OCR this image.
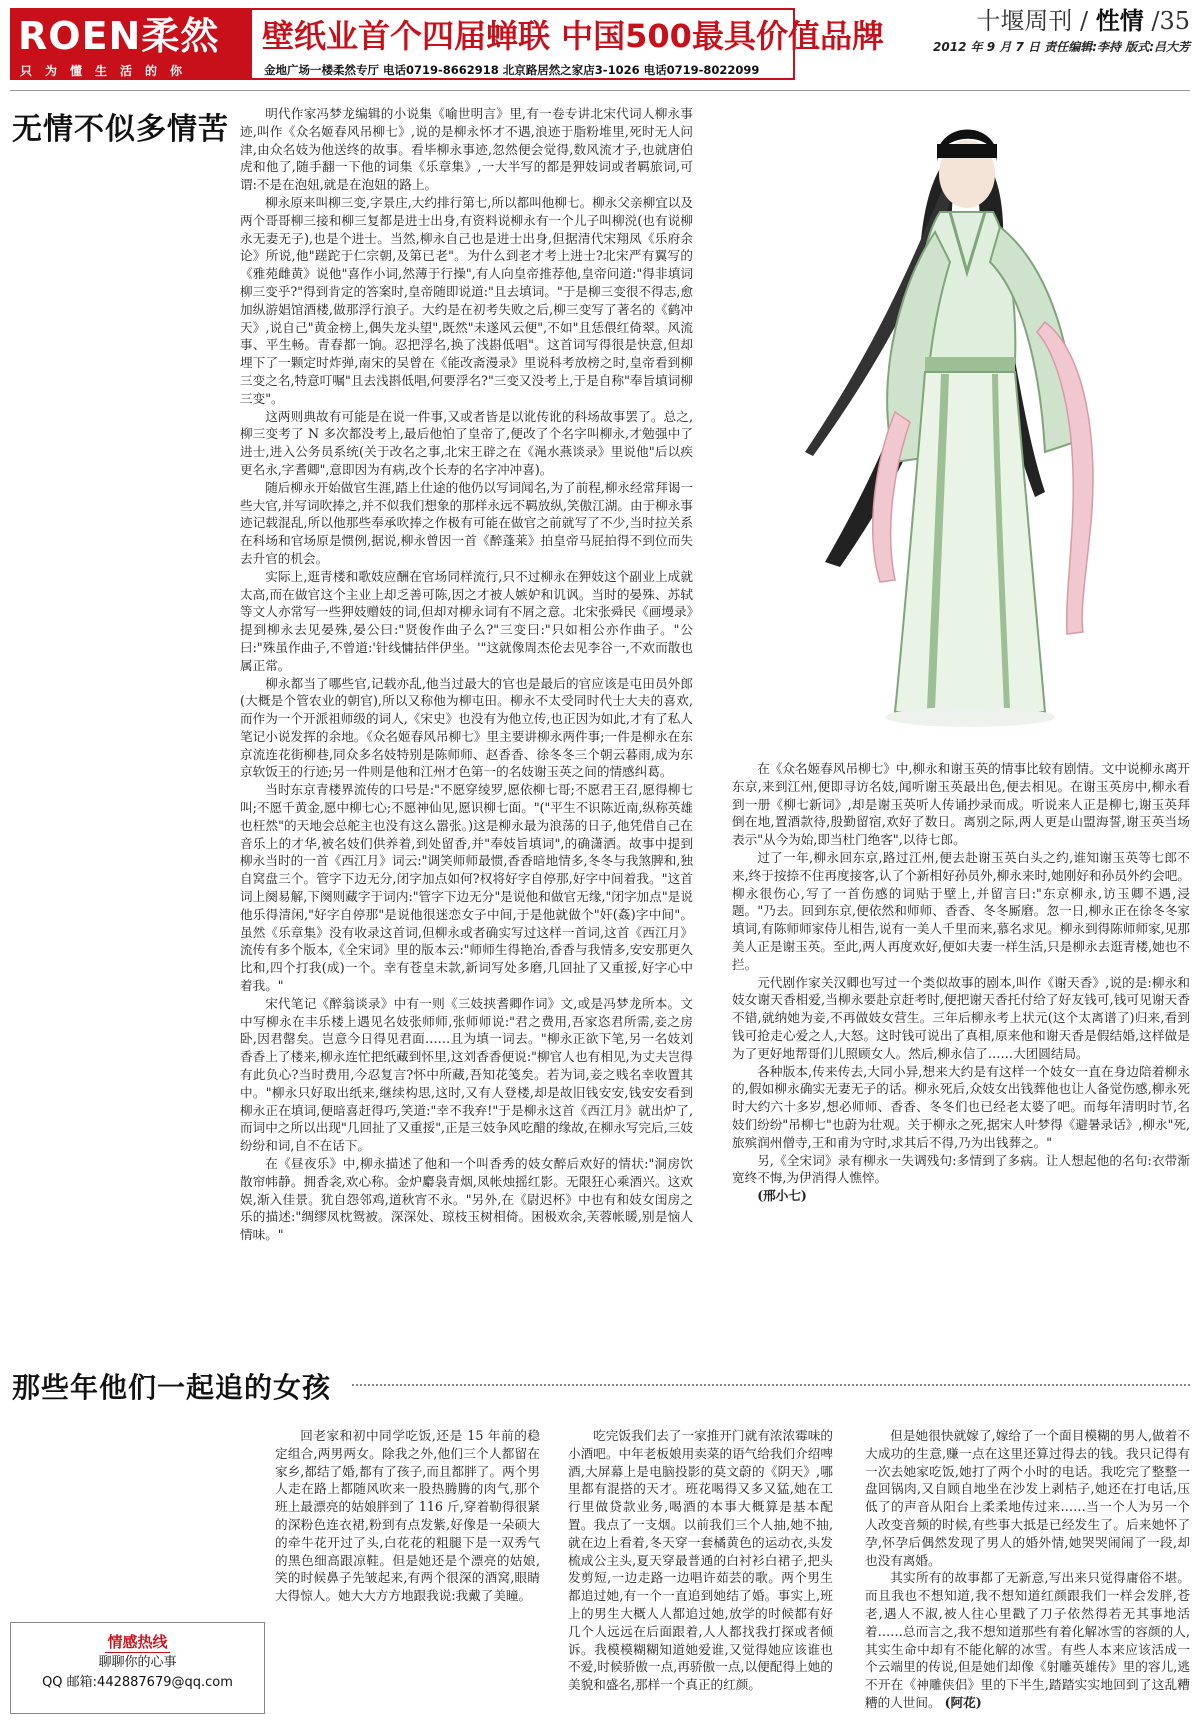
ROEN柔然
只为懂生活的你
壁纸业首个四届蝉联 中国500最具价值品牌
金地广场一楼柔然专厅 电话0719-8662918 北京路居然之家店3-1026 电话0719-8022099
十堰周刊 / 性情 /35
2012 年 9 月 7 日 责任编辑:李持 版式:吕大芳
无情不似多情苦	明代作家冯梦龙编辑的小说集《喻世明言》里,有一卷专讲北宋代词人柳永事迹,叫作《众名姬春风吊柳七》,说的是柳永怀才不遇,浪迹于脂粉堆里,死时无人问津,由众名妓为他送终的故事。看毕柳永事迹,忽然便会觉得,数风流才子,也就唐伯虎和他了,随手翻一下他的词集《乐章集》,一大半写的都是狎妓词或者羁旅词,可谓:不是在泡妞,就是在泡妞的路上。

柳永原来叫柳三变,字景庄,大约排行第七,所以都叫他柳七。柳永父亲柳宜以及两个哥哥柳三接和柳三复都是进士出身,有资料说柳永有一个儿子叫柳涚(也有说柳永无妻无子),也是个进士。当然,柳永自己也是进士出身,但据清代宋翔凤《乐府余论》所说,他"蹉跎于仁宗朝,及第已老"。为什么到老才考上进士?北宋严有翼写的《雅苑雌黄》说他"喜作小词,然薄于行操",有人向皇帝推荐他,皇帝问道:"得非填词柳三变乎?"得到肯定的答案时,皇帝随即说道:"且去填词。"于是柳三变很不得志,愈加纵游娼馆酒楼,做那浮行浪子。大约是在初考失败之后,柳三变写了著名的《鹤冲天》,说自己"黄金榜上,偶失龙头望",既然"未遂风云便",不如"且恁偎红倚翠。风流事、平生畅。青春都一饷。忍把浮名,换了浅斟低唱"。这首词写得很是快意,但却埋下了一颗定时炸弹,南宋的吴曾在《能改斋漫录》里说科考放榜之时,皇帝看到柳三变之名,特意叮嘱"且去浅斟低唱,何要浮名?"三变又没考上,于是自称"奉旨填词柳三变"。

这两则典故有可能是在说一件事,又或者皆是以讹传讹的科场故事罢了。总之,柳三变考了 N 多次都没考上,最后他怕了皇帝了,便改了个名字叫柳永,才勉强中了进士,进入公务员系统(关于改名之事,北宋王辟之在《渑水燕谈录》里说他"后以疾更名永,字耆卿",意即因为有病,改个长寿的名字冲冲喜)。

随后柳永开始做官生涯,踏上仕途的他仍以写词闻名,为了前程,柳永经常拜谒一些大官,并写词吹捧之,并不似我们想象的那样永远不羁放纵,笑傲江湖。由于柳永事迹记载混乱,所以他那些奉承吹捧之作极有可能在做官之前就写了不少,当时拉关系在科场和官场原是惯例,据说,柳永曾因一首《醉蓬莱》拍皇帝马屁拍得不到位而失去升官的机会。

实际上,逛青楼和歌妓应酬在官场同样流行,只不过柳永在狎妓这个副业上成就太高,而在做官这个主业上却乏善可陈,因之才被人嫉妒和讥讽。当时的晏殊、苏轼等文人亦常写一些狎妓赠妓的词,但却对柳永词有不屑之意。北宋张舜民《画墁录》提到柳永去见晏殊,晏公曰:"贤俊作曲子么?"三变曰:"只如相公亦作曲子。"公曰:"殊虽作曲子,不曾道:'针线慵拈伴伊坐。'"这就像周杰伦去见李谷一,不欢而散也属正常。

柳永都当了哪些官,记载亦乱,他当过最大的官也是最后的官应该是屯田员外郎(大概是个管农业的朝官),所以又称他为柳屯田。柳永不太受同时代士大夫的喜欢,而作为一个开派祖师级的词人,《宋史》也没有为他立传,也正因为如此,才有了私人笔记小说发挥的余地。《众名姬春风吊柳七》里主要讲柳永两件事;一件是柳永在东京流连花街柳巷,同众多名妓特别是陈师师、赵香香、徐冬冬三个朝云暮雨,成为东京软饭王的行迹;另一件则是他和江州才色第一的名妓谢玉英之间的情感纠葛。

当时东京青楼界流传的口号是:"不愿穿绫罗,愿依柳七哥;不愿君王召,愿得柳七叫;不愿千黄金,愿中柳七心;不愿神仙见,愿识柳七面。"("平生不识陈近南,纵称英雄也枉然"的天地会总舵主也没有这么嚣张。)这是柳永最为浪荡的日子,他凭借自己在音乐上的才华,被名妓们供养着,到处留香,并"奉妓旨填词",的确潇洒。故事中提到柳永当时的一首《西江月》词云:"调笑师师最惯,香香暗地情多,冬冬与我煞脾和,独自窝盘三个。管字下边无分,闭字加点如何?权将好字自停那,好字中间着我。"这首词上阕易解,下阕则藏字于词内:"管字下边无分"是说他和做官无缘,"闭字加点"是说他乐得清闲,"好字自停那"是说他很迷恋女子中间,于是他就做个"奸(姦)字中间"。虽然《乐章集》没有收录这首词,但柳永或者确实写过这样一首词,这首《西江月》流传有多个版本,《全宋词》里的版本云:"师师生得艳冶,香香与我情多,安安那更久比和,四个打我(成)一个。幸有苍皇未款,新词写处多磨,几回扯了又重挼,好字心中着我。"

宋代笔记《醉翁谈录》中有一则《三妓挟耆卿作词》文,或是冯梦龙所本。文中写柳永在丰乐楼上遇见名妓张师师,张师师说:"君之费用,吾家恣君所需,妾之房卧,因君罄矣。岂意今日得见君面……且为填一词去。"柳永正欲下笔,另一名妓刘香香上了楼来,柳永连忙把纸藏到怀里,这刘香香便说:"柳官人也有相见,为丈夫岂得有此负心?当时费用,今忍复言?怀中所藏,吾知花笺矣。若为词,妾之贱名幸收置其中。"柳永只好取出纸来,继续构思,这时,又有人登楼,却是故旧钱安安,钱安安看到柳永正在填词,便暗喜赶得巧,笑道:"幸不我弃!"于是柳永这首《西江月》就出炉了,而词中之所以出现"几回扯了又重挼",正是三妓争风吃醋的缘故,在柳永写完后,三妓纷纷和词,自不在话下。

在《昼夜乐》中,柳永描述了他和一个叫香秀的妓女醉后欢好的情状:"洞房饮散帘帏静。拥香衾,欢心称。金炉麝袅青烟,凤帐烛摇红影。无限狂心乘酒兴。这欢娱,渐入佳景。犹自怨邻鸡,道秋宵不永。"另外,在《尉迟杯》中也有和妓女闺房之乐的描述:"绸缪凤枕鸳被。深深处、琼枝玉树相倚。困极欢余,芙蓉帐暖,别是恼人情味。"

在《众名姬春风吊柳七》中,柳永和谢玉英的情事比较有剧情。文中说柳永离开东京,来到江州,便即寻访名妓,闻听谢玉英最出色,便去相见。在谢玉英房中,柳永看到一册《柳七新词》,却是谢玉英听人传诵抄录而成。听说来人正是柳七,谢玉英拜倒在地,置酒款待,殷勤留宿,欢好了数日。离别之际,两人更是山盟海誓,谢玉英当场表示"从今为始,即当杜门绝客",以待七郎。

过了一年,柳永回东京,路过江州,便去赴谢玉英白头之约,谁知谢玉英等七郎不来,终于按捺不住再度接客,认了个新相好孙员外,柳永来时,她刚好和孙员外约会吧。柳永很伤心,写了一首伤感的词贴于壁上,并留言曰:"东京柳永,访玉卿不遇,浸题。"乃去。回到东京,便依然和师师、香香、冬冬厮磨。忽一日,柳永正在徐冬冬家填词,有陈师师家侍儿相告,说有一美人千里而来,慕名求见。柳永到得陈师师家,见那美人正是谢玉英。至此,两人再度欢好,便如夫妻一样生活,只是柳永去逛青楼,她也不拦。

元代剧作家关汉卿也写过一个类似故事的剧本,叫作《谢天香》,说的是:柳永和妓女谢天香相爱,当柳永要赴京赶考时,便把谢天香托付给了好友钱可,钱可见谢天香不错,就纳她为妾,不再做妓女营生。三年后柳永考上状元(这个太离谱了)归来,看到钱可抢走心爱之人,大怒。这时钱可说出了真相,原来他和谢天香是假结婚,这样做是为了更好地帮哥们儿照顾女人。然后,柳永信了……大团圆结局。

各种版本,传来传去,大同小异,想来大约是有这样一个妓女一直在身边陪着柳永的,假如柳永确实无妻无子的话。柳永死后,众妓女出钱葬他也让人备觉伤感,柳永死时大约六十多岁,想必师师、香香、冬冬们也已经老太婆了吧。而每年清明时节,名妓们纷纷"吊柳七"也蔚为壮观。关于柳永之死,据宋人叶梦得《避暑录话》,柳永"死,旅殡润州僧寺,王和甫为守时,求其后不得,乃为出钱葬之。"

另,《全宋词》录有柳永一失调残句:多情到了多病。让人想起他的名句:衣带渐宽终不悔,为伊消得人憔悴。

(邢小七)

那些年他们一起追的女孩

回老家和初中同学吃饭,还是 15 年前的稳定组合,两男两女。除我之外,他们三个人都留在家乡,都结了婚,都有了孩子,而且都胖了。两个男人走在路上都随风吹来一股热腾腾的肉气,那个班上最漂亮的姑娘胖到了 116 斤,穿着勒得很紧的深粉色连衣裙,粉到有点发紫,好像是一朵硕大的牵牛花开过了头,白花花的粗腿下是一双秀气的黑色细高跟凉鞋。但是她还是个漂亮的姑娘,笑的时候鼻子先皱起来,有两个很深的酒窝,眼睛大得惊人。她大大方方地跟我说:我戴了美瞳。

吃完饭我们去了一家推开门就有浓浓霉味的小酒吧。中年老板娘用卖菜的语气给我们介绍啤酒,大屏幕上是电脑投影的莫文蔚的《阴天》,哪里都有混搭的天才。班花喝得又多又猛,她在工行里做贷款业务,喝酒的本事大概算是基本配置。我点了一支烟。以前我们三个人抽,她不抽,就在边上看着,冬天穿一套橘黄色的运动衣,头发梳成公主头,夏天穿最普通的白衬衫白裙子,把头发剪短,一边走路一边唱许茹芸的歌。两个男生都追过她,有一个一直追到她结了婚。事实上,班上的男生大概人人都追过她,放学的时候都有好几个人远远在后面跟着,人人都找我打探或者倾诉。我模模糊糊知道她爱谁,又觉得她应该谁也不爱,时候骄傲一点,再骄傲一点,以便配得上她的美貌和盛名,那样一个真正的红颜。

但是她很快就嫁了,嫁给了一个面目模糊的男人,做着不大成功的生意,赚一点在这里还算过得去的钱。我只记得有一次去她家吃饭,她打了两个小时的电话。我吃完了整整一盘回锅肉,又自顾自地坐在沙发上剥桔子,她还在打电话,压低了的声音从阳台上柔柔地传过来……当一个人为另一个人改变音频的时候,有些事大抵是已经发生了。后来她怀了孕,怀孕后偶然发现了男人的婚外情,她哭哭闹闹了一段,却也没有离婚。

其实所有的故事都了无新意,写出来只觉得庸俗不堪。而且我也不想知道,我不想知道红颜跟我们一样会发胖,苍老,遇人不淑,被人往心里戳了刀子依然得若无其事地活着……总而言之,我不想知道那些有着化解冰雪的容颜的人,其实生命中却有不能化解的冰雪。有些人本来应该活成一个云端里的传说,但是她们却像《射雕英雄传》里的容儿,逃不开在《神雕侠侣》里的下半生,踏踏实实地回到了这乱糟糟的人世间。 (阿花)

情感热线
聊聊你的心事
QQ 邮箱:442887679@qq.com
